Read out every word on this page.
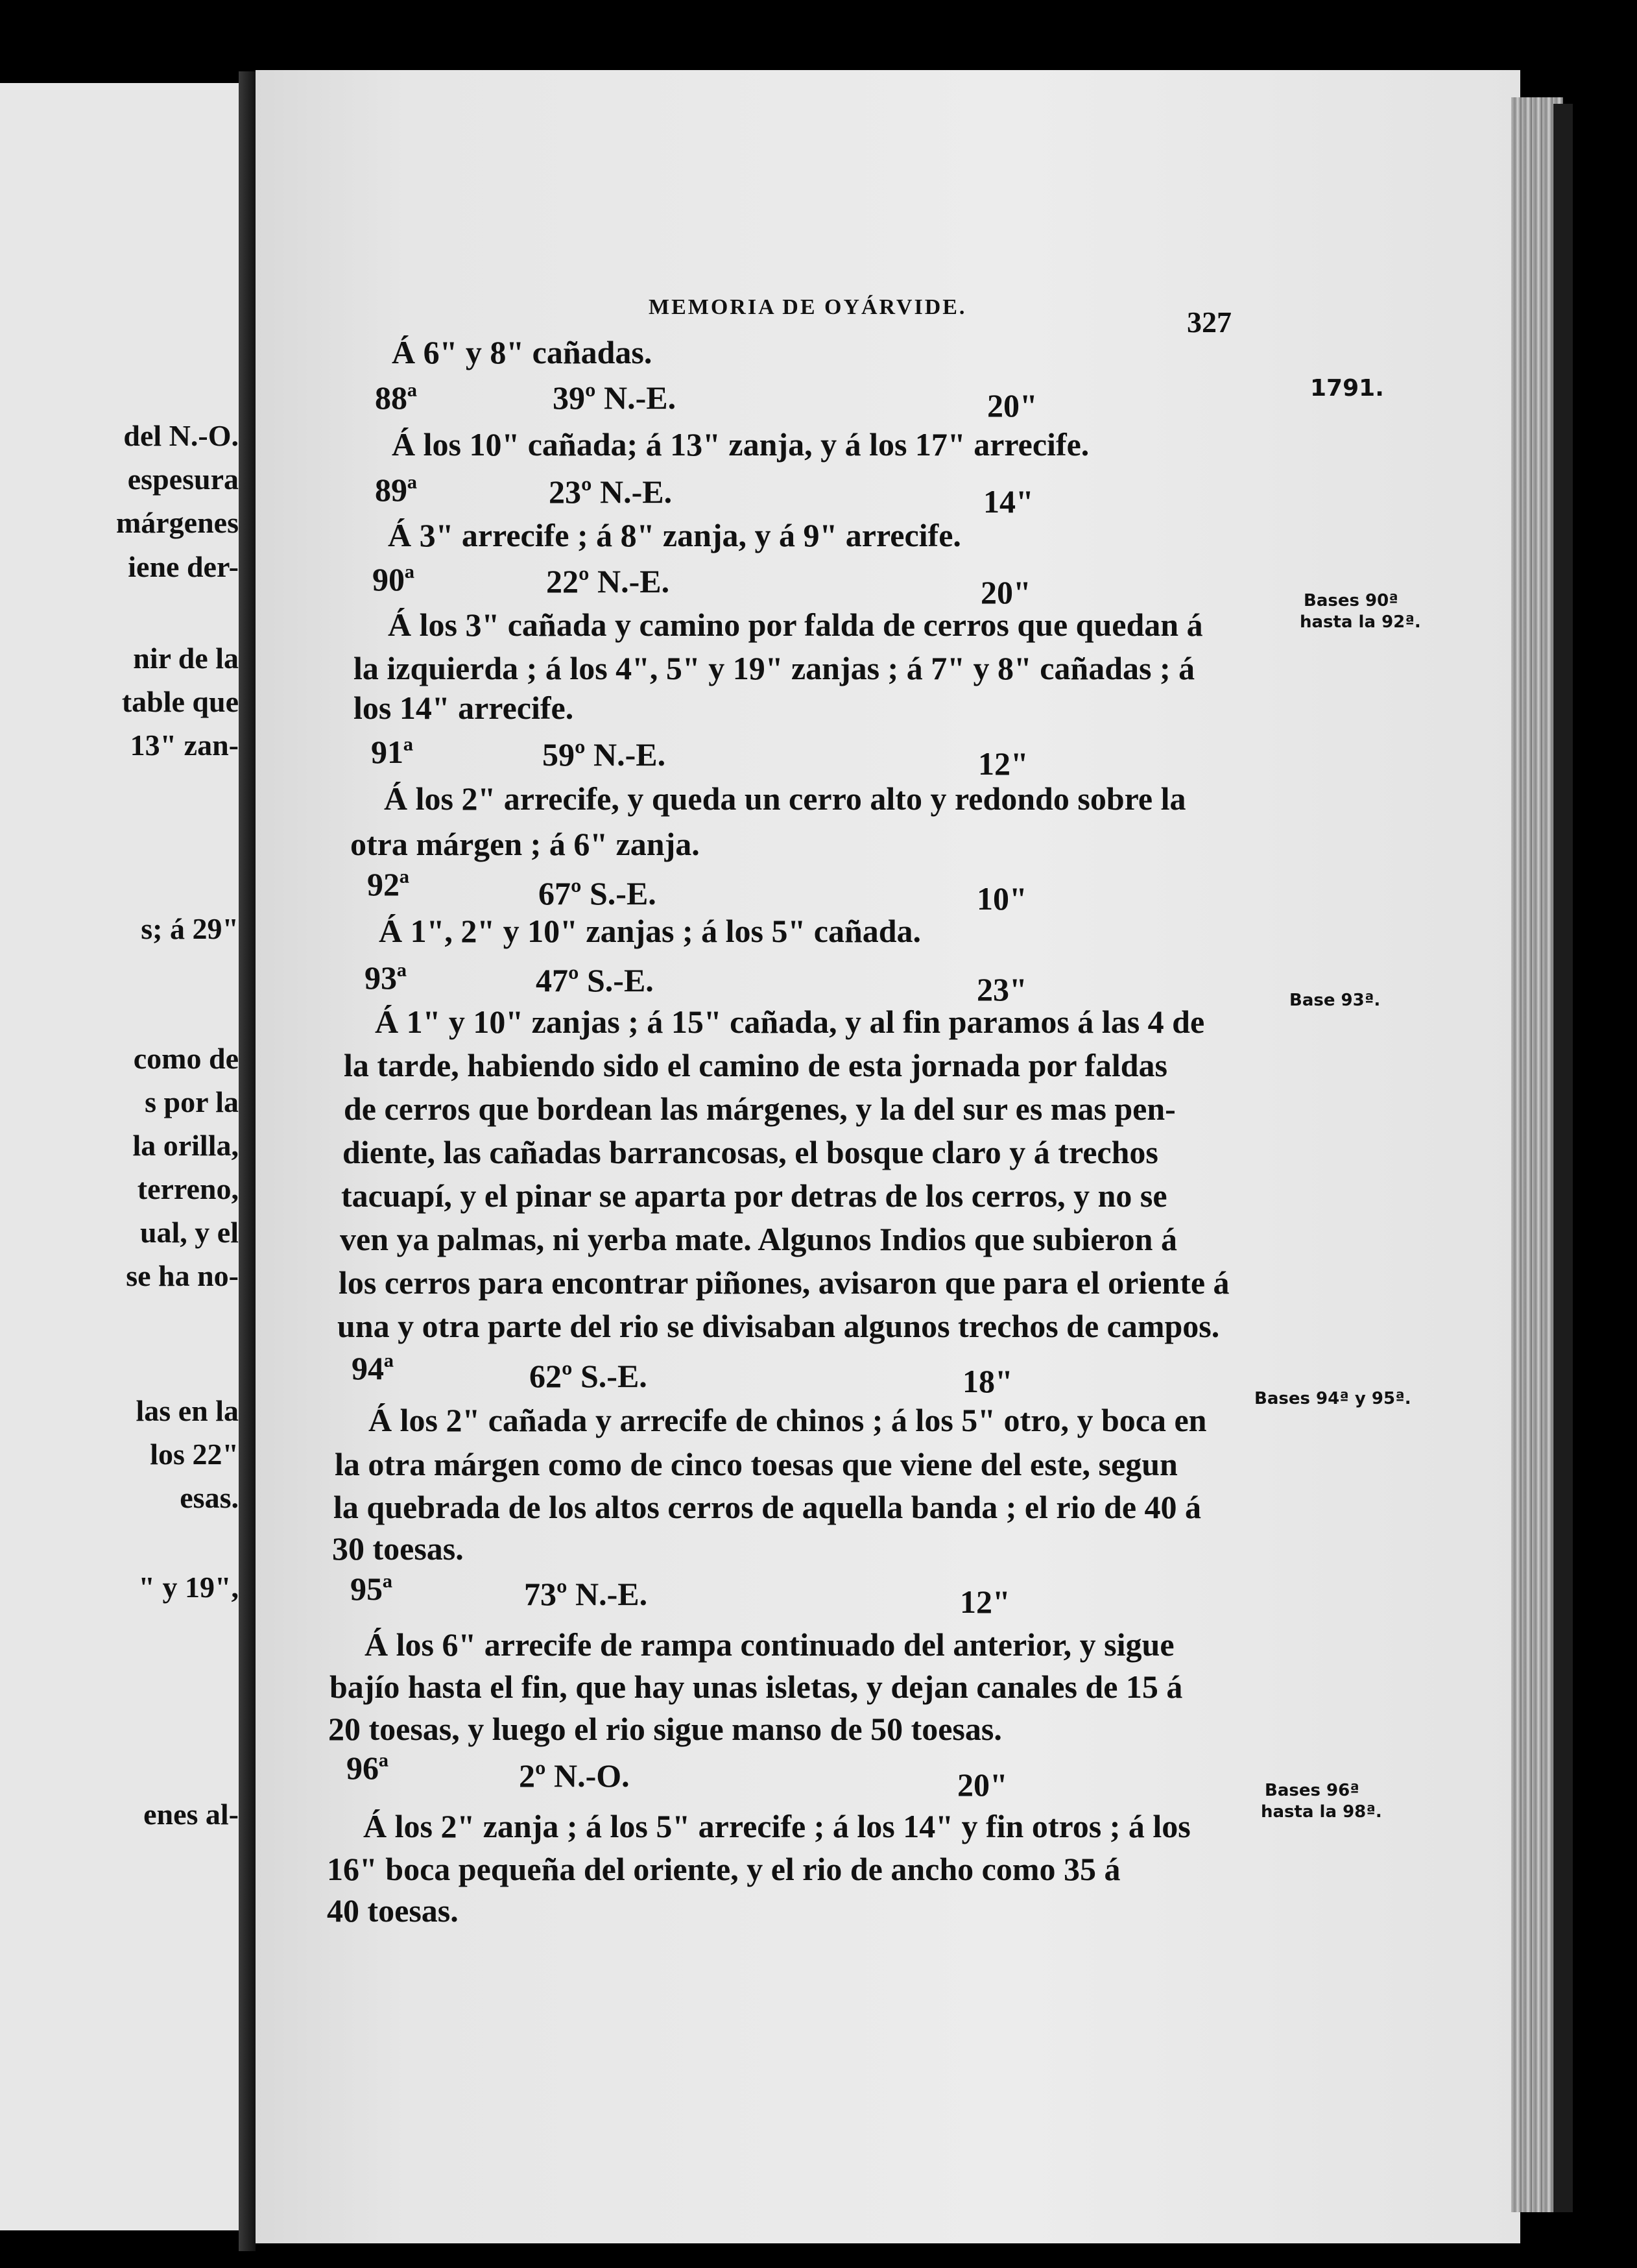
del N.-O.
espesura
márgenes
iene der-
nir de la
table que
13" zan-
s; á 29"
como de
s por la
la orilla,
terreno,
ual, y el
se ha no-
las en la
los 22"
esas.
" y 19",
enes al-
MEMORIA DE OYÁRVIDE.	327
1791.
Á 6" y 8" cañadas.
88ª	39º N.-E.	20"
Á los 10" cañada; á 13" zanja, y á los 17" arrecife.
89ª	23º N.-E.	14"
Á 3" arrecife ; á 8" zanja, y á 9" arrecife.
90ª	22º N.-E.	20"
Á los 3" cañada y camino por falda de cerros que quedan á
la izquierda ; á los 4", 5" y 19" zanjas ; á 7" y 8" cañadas ; á
los 14" arrecife.
91ª	59º N.-E.	12"
Á los 2" arrecife, y queda un cerro alto y redondo sobre la
otra márgen ; á 6" zanja.
92ª	67º S.-E.	10"
Á 1", 2" y 10" zanjas ; á los 5" cañada.
93ª	47º S.-E.	23"
Á 1" y 10" zanjas ; á 15" cañada, y al fin paramos á las 4 de
la tarde, habiendo sido el camino de esta jornada por faldas
de cerros que bordean las márgenes, y la del sur es mas pen-
diente, las cañadas barrancosas, el bosque claro y á trechos
tacuapí, y el pinar se aparta por detras de los cerros, y no se
ven ya palmas, ni yerba mate. Algunos Indios que subieron á
los cerros para encontrar piñones, avisaron que para el oriente á
una y otra parte del rio se divisaban algunos trechos de campos.
94ª	62º S.-E.	18"
Á los 2" cañada y arrecife de chinos ; á los 5" otro, y boca en
la otra márgen como de cinco toesas que viene del este, segun
la quebrada de los altos cerros de aquella banda ; el rio de 40 á
30 toesas.
95ª	73º N.-E.	12"
Á los 6" arrecife de rampa continuado del anterior, y sigue
bajío hasta el fin, que hay unas isletas, y dejan canales de 15 á
20 toesas, y luego el rio sigue manso de 50 toesas.
96ª	2º N.-O.	20"
Á los 2" zanja ; á los 5" arrecife ; á los 14" y fin otros ; á los
16" boca pequeña del oriente, y el rio de ancho como 35 á
40 toesas.
Bases 90ª
hasta la 92ª.
Base 93ª.
Bases 94ª y 95ª.
Bases 96ª
hasta la 98ª.
